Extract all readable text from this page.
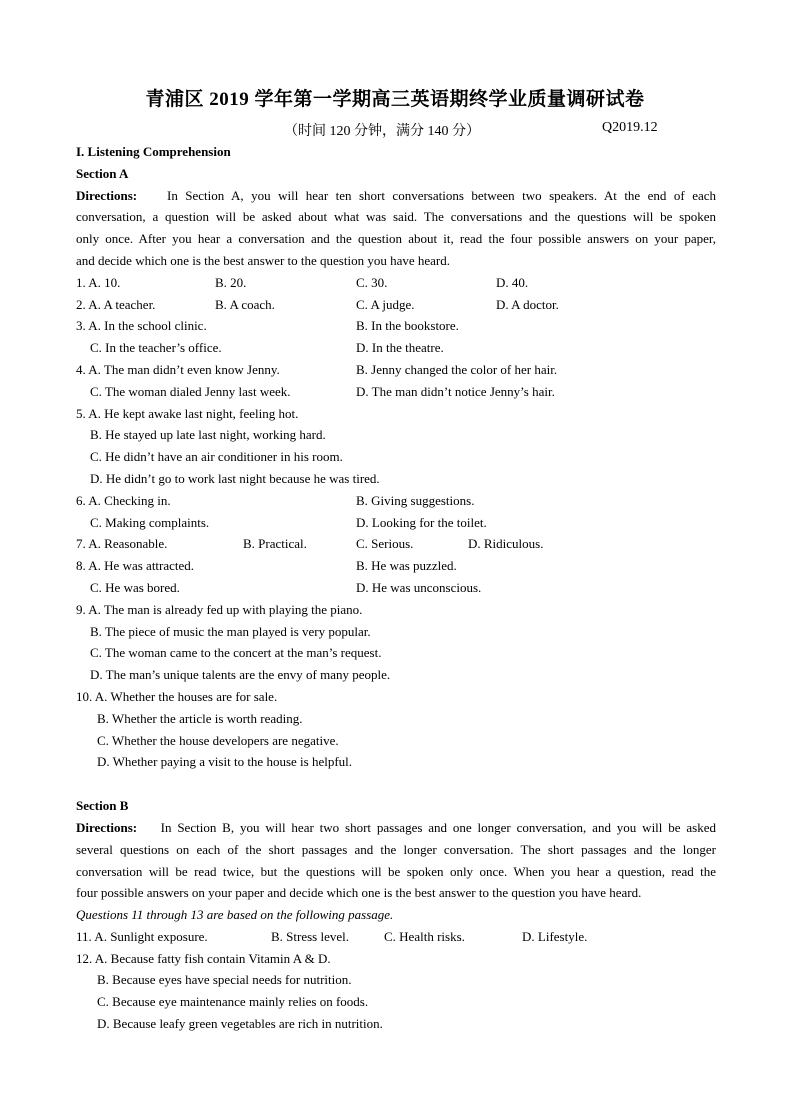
青浦区 2019 学年第一学期高三英语期终学业质量调研试卷
（时间 120 分钟，满分 140 分）	Q2019.12
I. Listening Comprehension
Section A
Directions: In Section A, you will hear ten short conversations between two speakers. At the end of each
conversation, a question will be asked about what was said. The conversations and the questions will be spoken
only once. After you hear a conversation and the question about it, read the four possible answers on your paper,
and decide which one is the best answer to the question you have heard.
1. A. 10.	B. 20.	C. 30.	D. 40.
2. A. A teacher.	B. A coach.	C. A judge.	D. A doctor.
3. A. In the school clinic.	B. In the bookstore.
C. In the teacher’s office.	D. In the theatre.
4. A. The man didn’t even know Jenny.	B. Jenny changed the color of her hair.
C. The woman dialed Jenny last week.	D. The man didn’t notice Jenny’s hair.
5. A. He kept awake last night, feeling hot.
B. He stayed up late last night, working hard.
C. He didn’t have an air conditioner in his room.
D. He didn’t go to work last night because he was tired.
6. A. Checking in.	B. Giving suggestions.
C. Making complaints.	D. Looking for the toilet.
7. A. Reasonable.	B. Practical.	C. Serious.	D. Ridiculous.
8. A. He was attracted.	B. He was puzzled.
C. He was bored.	D. He was unconscious.
9. A. The man is already fed up with playing the piano.
B. The piece of music the man played is very popular.
C. The woman came to the concert at the man’s request.
D. The man’s unique talents are the envy of many people.
10. A. Whether the houses are for sale.
B. Whether the article is worth reading.
C. Whether the house developers are negative.
D. Whether paying a visit to the house is helpful.
Section B
Directions: In Section B, you will hear two short passages and one longer conversation, and you will be asked
several questions on each of the short passages and the longer conversation. The short passages and the longer
conversation will be read twice, but the questions will be spoken only once. When you hear a question, read the
four possible answers on your paper and decide which one is the best answer to the question you have heard.
Questions 11 through 13 are based on the following passage.
11. A. Sunlight exposure.	B. Stress level.	C. Health risks.	D. Lifestyle.
12. A. Because fatty fish contain Vitamin A & D.
B. Because eyes have special needs for nutrition.
C. Because eye maintenance mainly relies on foods.
D. Because leafy green vegetables are rich in nutrition.
